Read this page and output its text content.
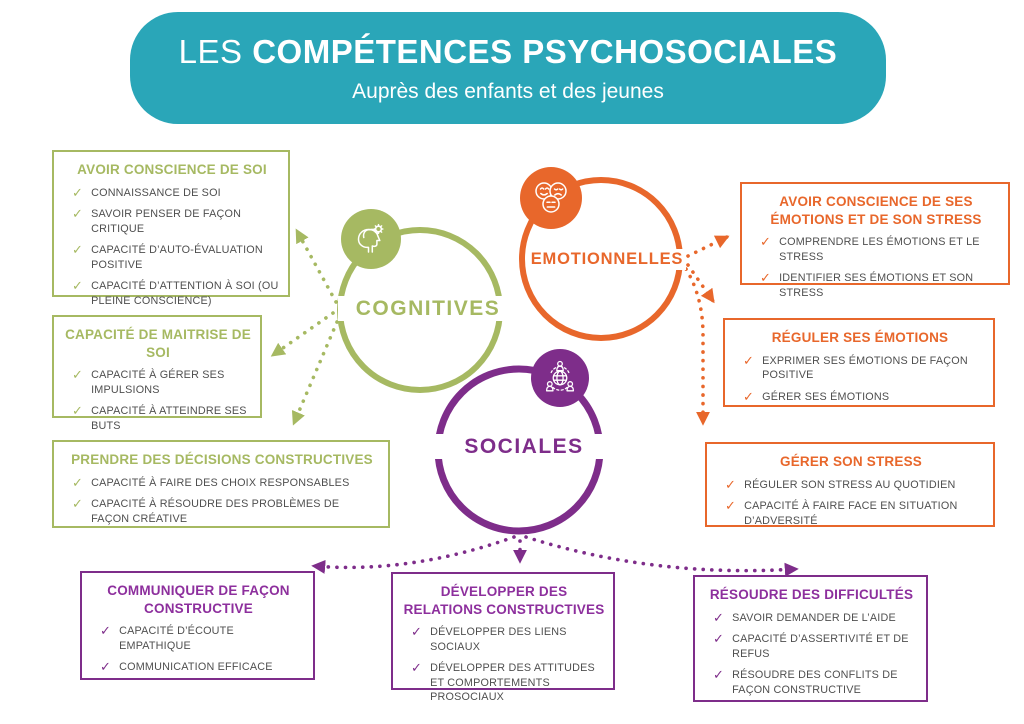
LES COMPÉTENCES PSYCHOSOCIALES
Auprès des enfants et des jeunes
COGNITIVES
EMOTIONNELLES
SOCIALES
AVOIR CONSCIENCE DE SOI
✓ CONNAISSANCE DE SOI
✓ SAVOIR PENSER DE FAÇON CRITIQUE
✓ CAPACITÉ D’AUTO-ÉVALUATION POSITIVE
✓ CAPACITÉ D’ATTENTION À SOI (OU PLEINE CONSCIENCE)
CAPACITÉ DE MAITRISE DE SOI
✓ CAPACITÉ À GÉRER SES IMPULSIONS
✓ CAPACITÉ À ATTEINDRE SES BUTS
PRENDRE DES DÉCISIONS CONSTRUCTIVES
✓ CAPACITÉ À FAIRE DES CHOIX RESPONSABLES
✓ CAPACITÉ À RÉSOUDRE DES PROBLÈMES DE FAÇON CRÉATIVE
AVOIR CONSCIENCE DE SES ÉMOTIONS ET DE SON STRESS
✓ COMPRENDRE LES ÉMOTIONS ET LE STRESS
✓ IDENTIFIER SES ÉMOTIONS ET SON STRESS
RÉGULER SES ÉMOTIONS
✓ EXPRIMER SES ÉMOTIONS DE FAÇON POSITIVE
✓ GÉRER SES ÉMOTIONS
GÉRER SON STRESS
✓ RÉGULER SON STRESS AU QUOTIDIEN
✓ CAPACITÉ À FAIRE FACE EN SITUATION D’ADVERSITÉ
COMMUNIQUER DE FAÇON CONSTRUCTIVE
✓ CAPACITÉ D’ÉCOUTE EMPATHIQUE
✓ COMMUNICATION EFFICACE
DÉVELOPPER DES RELATIONS CONSTRUCTIVES
✓ DÉVELOPPER DES LIENS SOCIAUX
✓ DÉVELOPPER DES ATTITUDES ET COMPORTEMENTS PROSOCIAUX
RÉSOUDRE DES DIFFICULTÉS
✓ SAVOIR DEMANDER DE L’AIDE
✓ CAPACITÉ D’ASSERTIVITÉ ET DE REFUS
✓ RÉSOUDRE DES CONFLITS DE FAÇON CONSTRUCTIVE
